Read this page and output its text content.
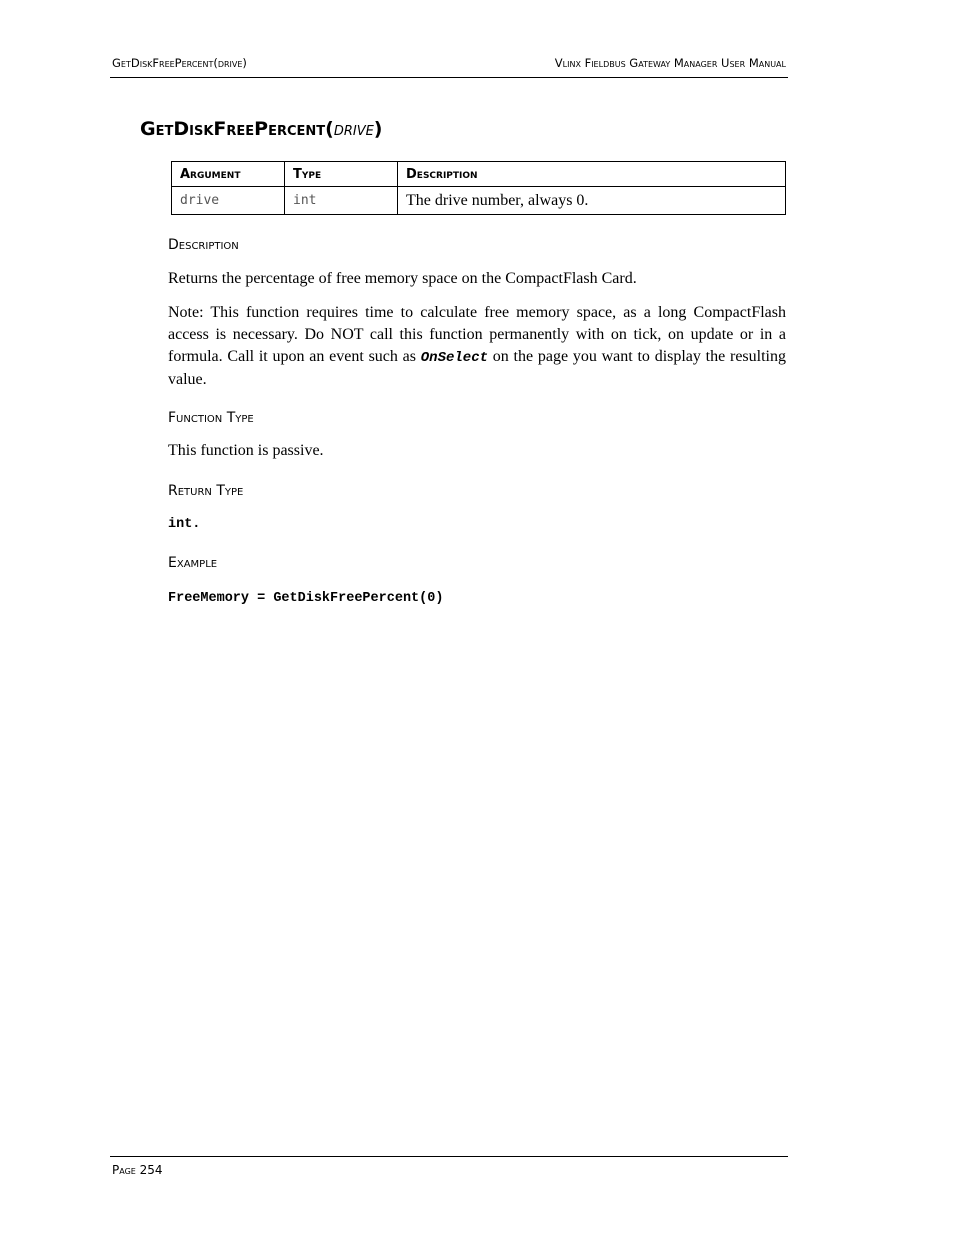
GetDiskFreePercent(drive)	Vlinx Fieldbus Gateway Manager User Manual
GetDiskFreePercent(drive)
Argument	Type	Description
drive	int	The drive number, always 0.
Description
Returns the percentage of free memory space on the CompactFlash Card.
Note: This function requires time to calculate free memory space, as a long CompactFlash access is necessary. Do NOT call this function permanently with on tick, on update or in a formula. Call it upon an event such as OnSelect on the page you want to display the resulting value.
Function Type
This function is passive.
Return Type
int.
Example
FreeMemory = GetDiskFreePercent(0)
Page 254
